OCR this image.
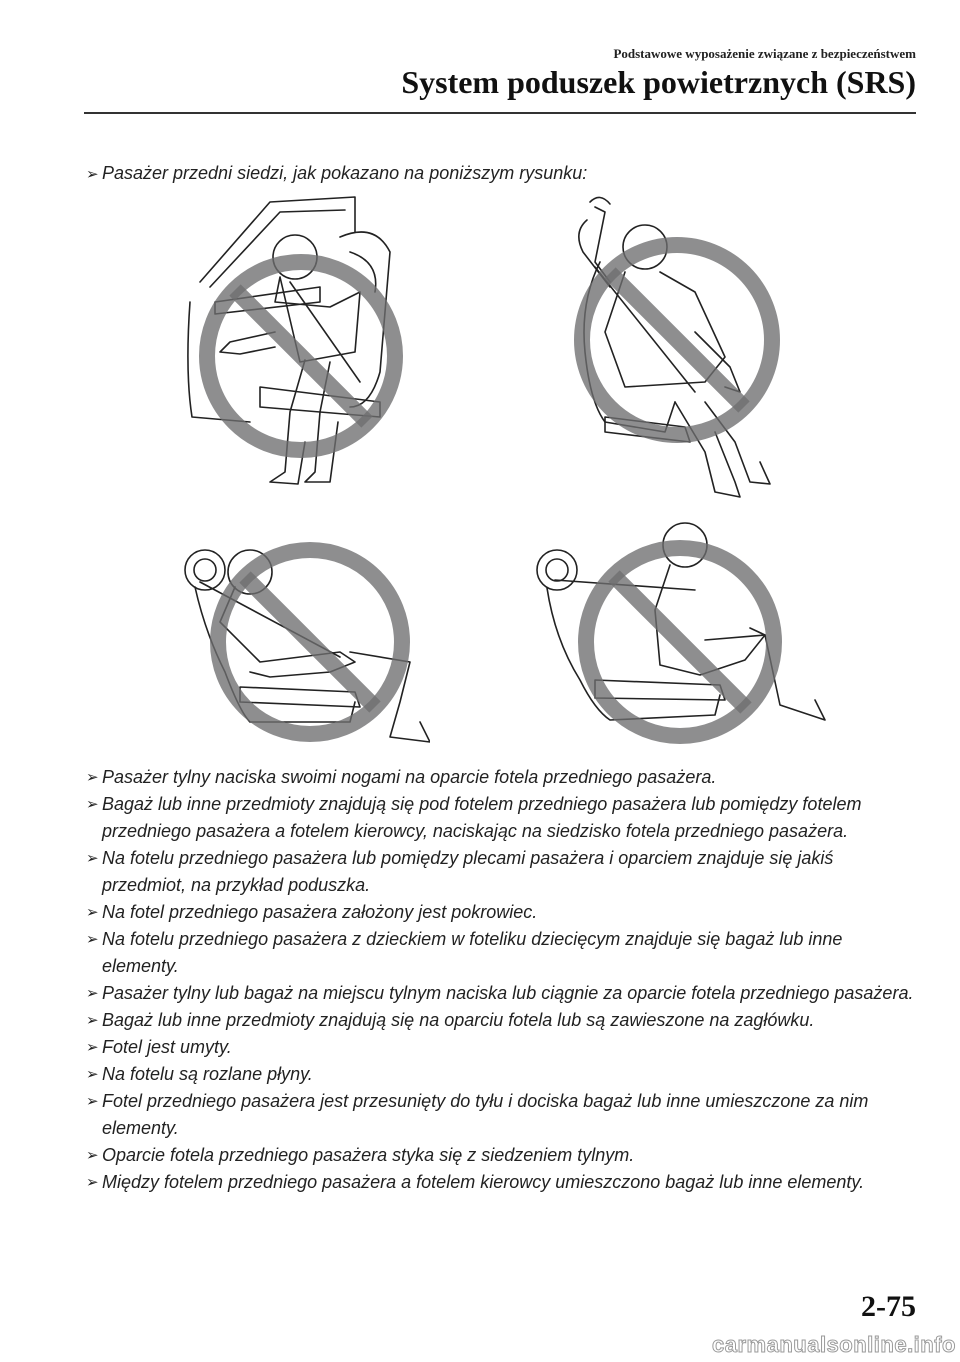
Podstawowe wyposażenie związane z bezpieczeństwem
System poduszek powietrznych (SRS)
➢ Pasażer przedni siedzi, jak pokazano na poniższym rysunku:
➢ Pasażer tylny naciska swoimi nogami na oparcie fotela przedniego pasażera.
➢ Bagaż lub inne przedmioty znajdują się pod fotelem przedniego pasażera lub pomiędzy fotelem przedniego pasażera a fotelem kierowcy, naciskając na siedzisko fotela przedniego pasażera.
➢ Na fotelu przedniego pasażera lub pomiędzy plecami pasażera i oparciem znajduje się jakiś przedmiot, na przykład poduszka.
➢ Na fotel przedniego pasażera założony jest pokrowiec.
➢ Na fotelu przedniego pasażera z dzieckiem w foteliku dziecięcym znajduje się bagaż lub inne elementy.
➢ Pasażer tylny lub bagaż na miejscu tylnym naciska lub ciągnie za oparcie fotela przedniego pasażera.
➢ Bagaż lub inne przedmioty znajdują się na oparciu fotela lub są zawieszone na zagłówku.
➢ Fotel jest umyty.
➢ Na fotelu są rozlane płyny.
➢ Fotel przedniego pasażera jest przesunięty do tyłu i dociska bagaż lub inne umieszczone za nim elementy.
➢ Oparcie fotela przedniego pasażera styka się z siedzeniem tylnym.
➢ Między fotelem przedniego pasażera a fotelem kierowcy umieszczono bagaż lub inne elementy.
2-75
carmanualsonline.info
